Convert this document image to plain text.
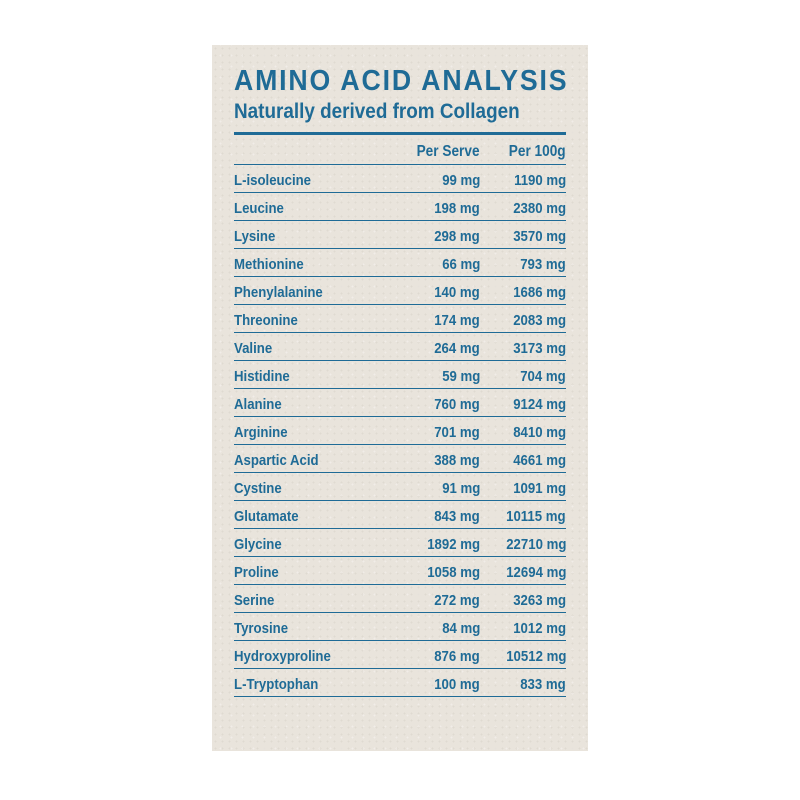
AMINO ACID ANALYSIS
Naturally derived from Collagen
Per Serve Per 100g
L-isoleucine	99 mg 1190 mg
Leucine	198 mg 2380 mg
Lysine	298 mg 3570 mg
Methionine	66 mg	793 mg
Phenylalanine	140 mg 1686 mg
Threonine	174 mg 2083 mg
Valine	264 mg 3173 mg
Histidine	59 mg	704 mg
Alanine	760 mg 9124 mg
Arginine	701 mg 8410 mg
Aspartic Acid	388 mg 4661 mg
Cystine	91 mg 1091 mg
Glutamate	843 mg 10115 mg
Glycine	1892 mg 22710 mg
Proline	1058 mg 12694 mg
Serine	272 mg 3263 mg
Tyrosine	84 mg 1012 mg
Hydroxyproline	876 mg 10512 mg
L-Tryptophan	100 mg	833 mg
